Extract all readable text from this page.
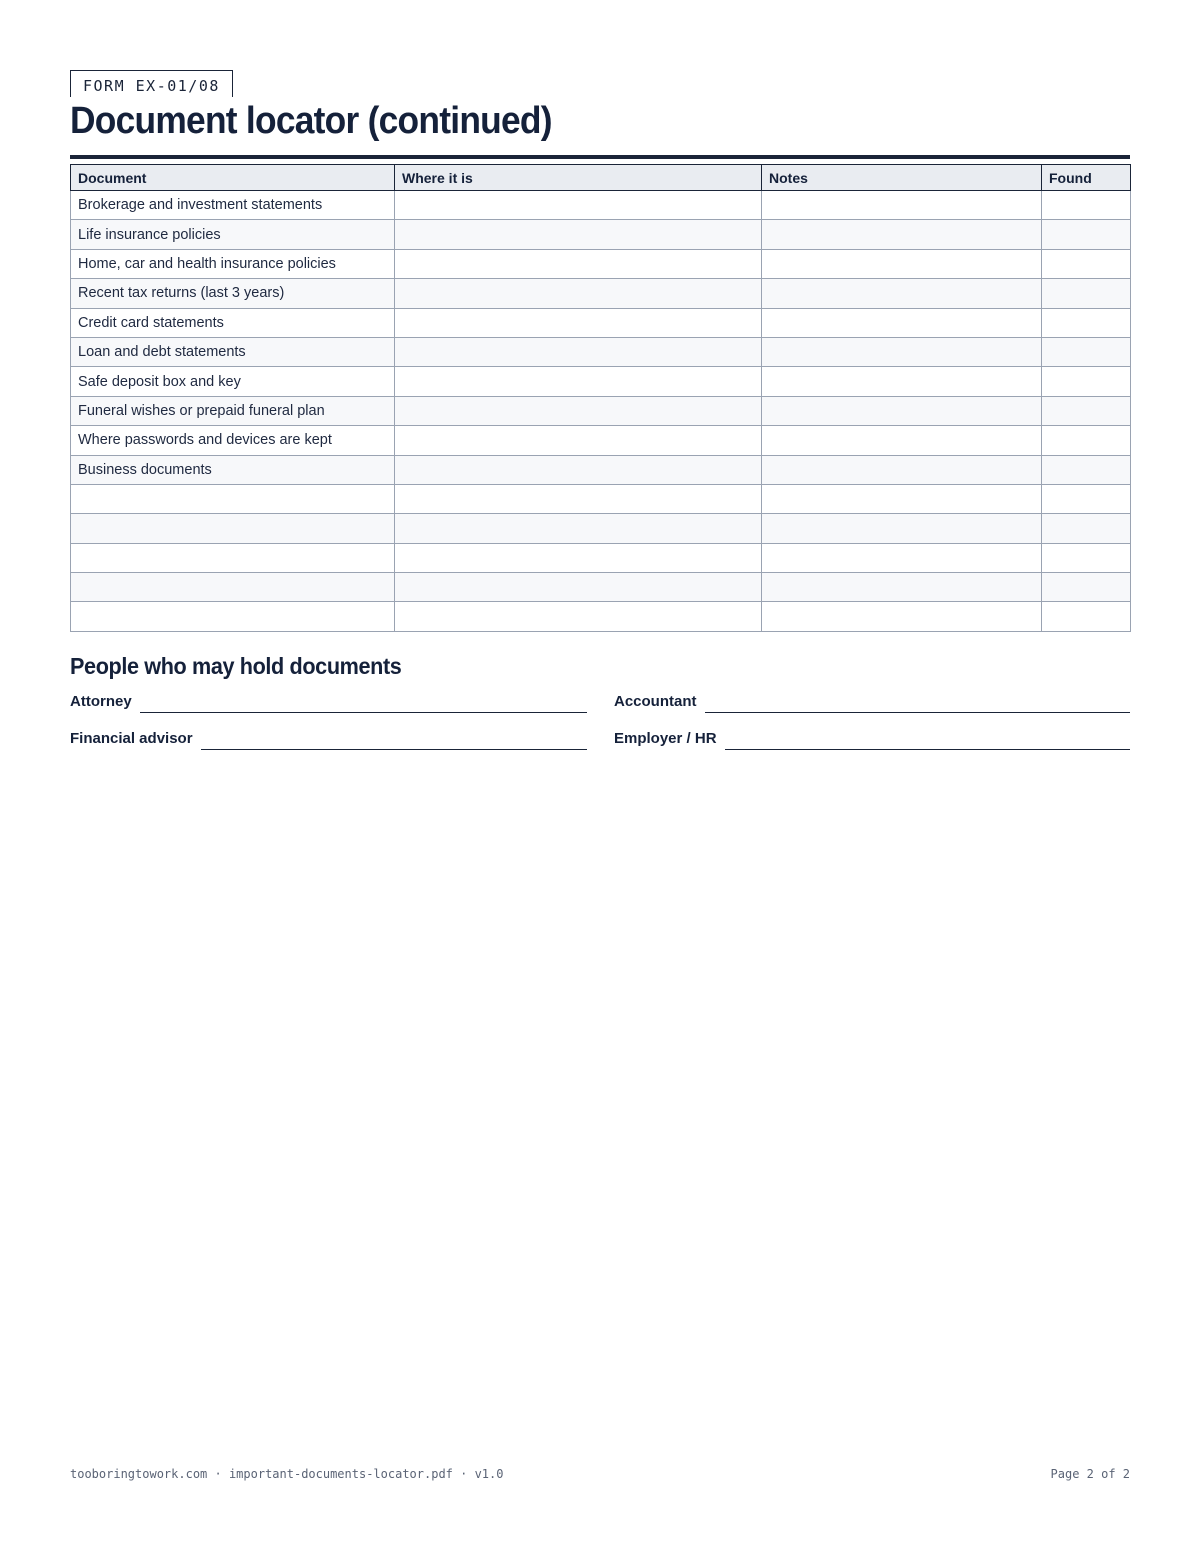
FORM EX-01/08
Document locator (continued)
Document	Where it is	Notes	Found
Brokerage and investment statements			
Life insurance policies			
Home, car and health insurance policies			
Recent tax returns (last 3 years)			
Credit card statements			
Loan and debt statements			
Safe deposit box and key			
Funeral wishes or prepaid funeral plan			
Where passwords and devices are kept			
Business documents			

People who may hold documents
Attorney	Accountant
Financial advisor	Employer / HR
tooboringtowork.com · important-documents-locator.pdf · v1.0	Page 2 of 2
